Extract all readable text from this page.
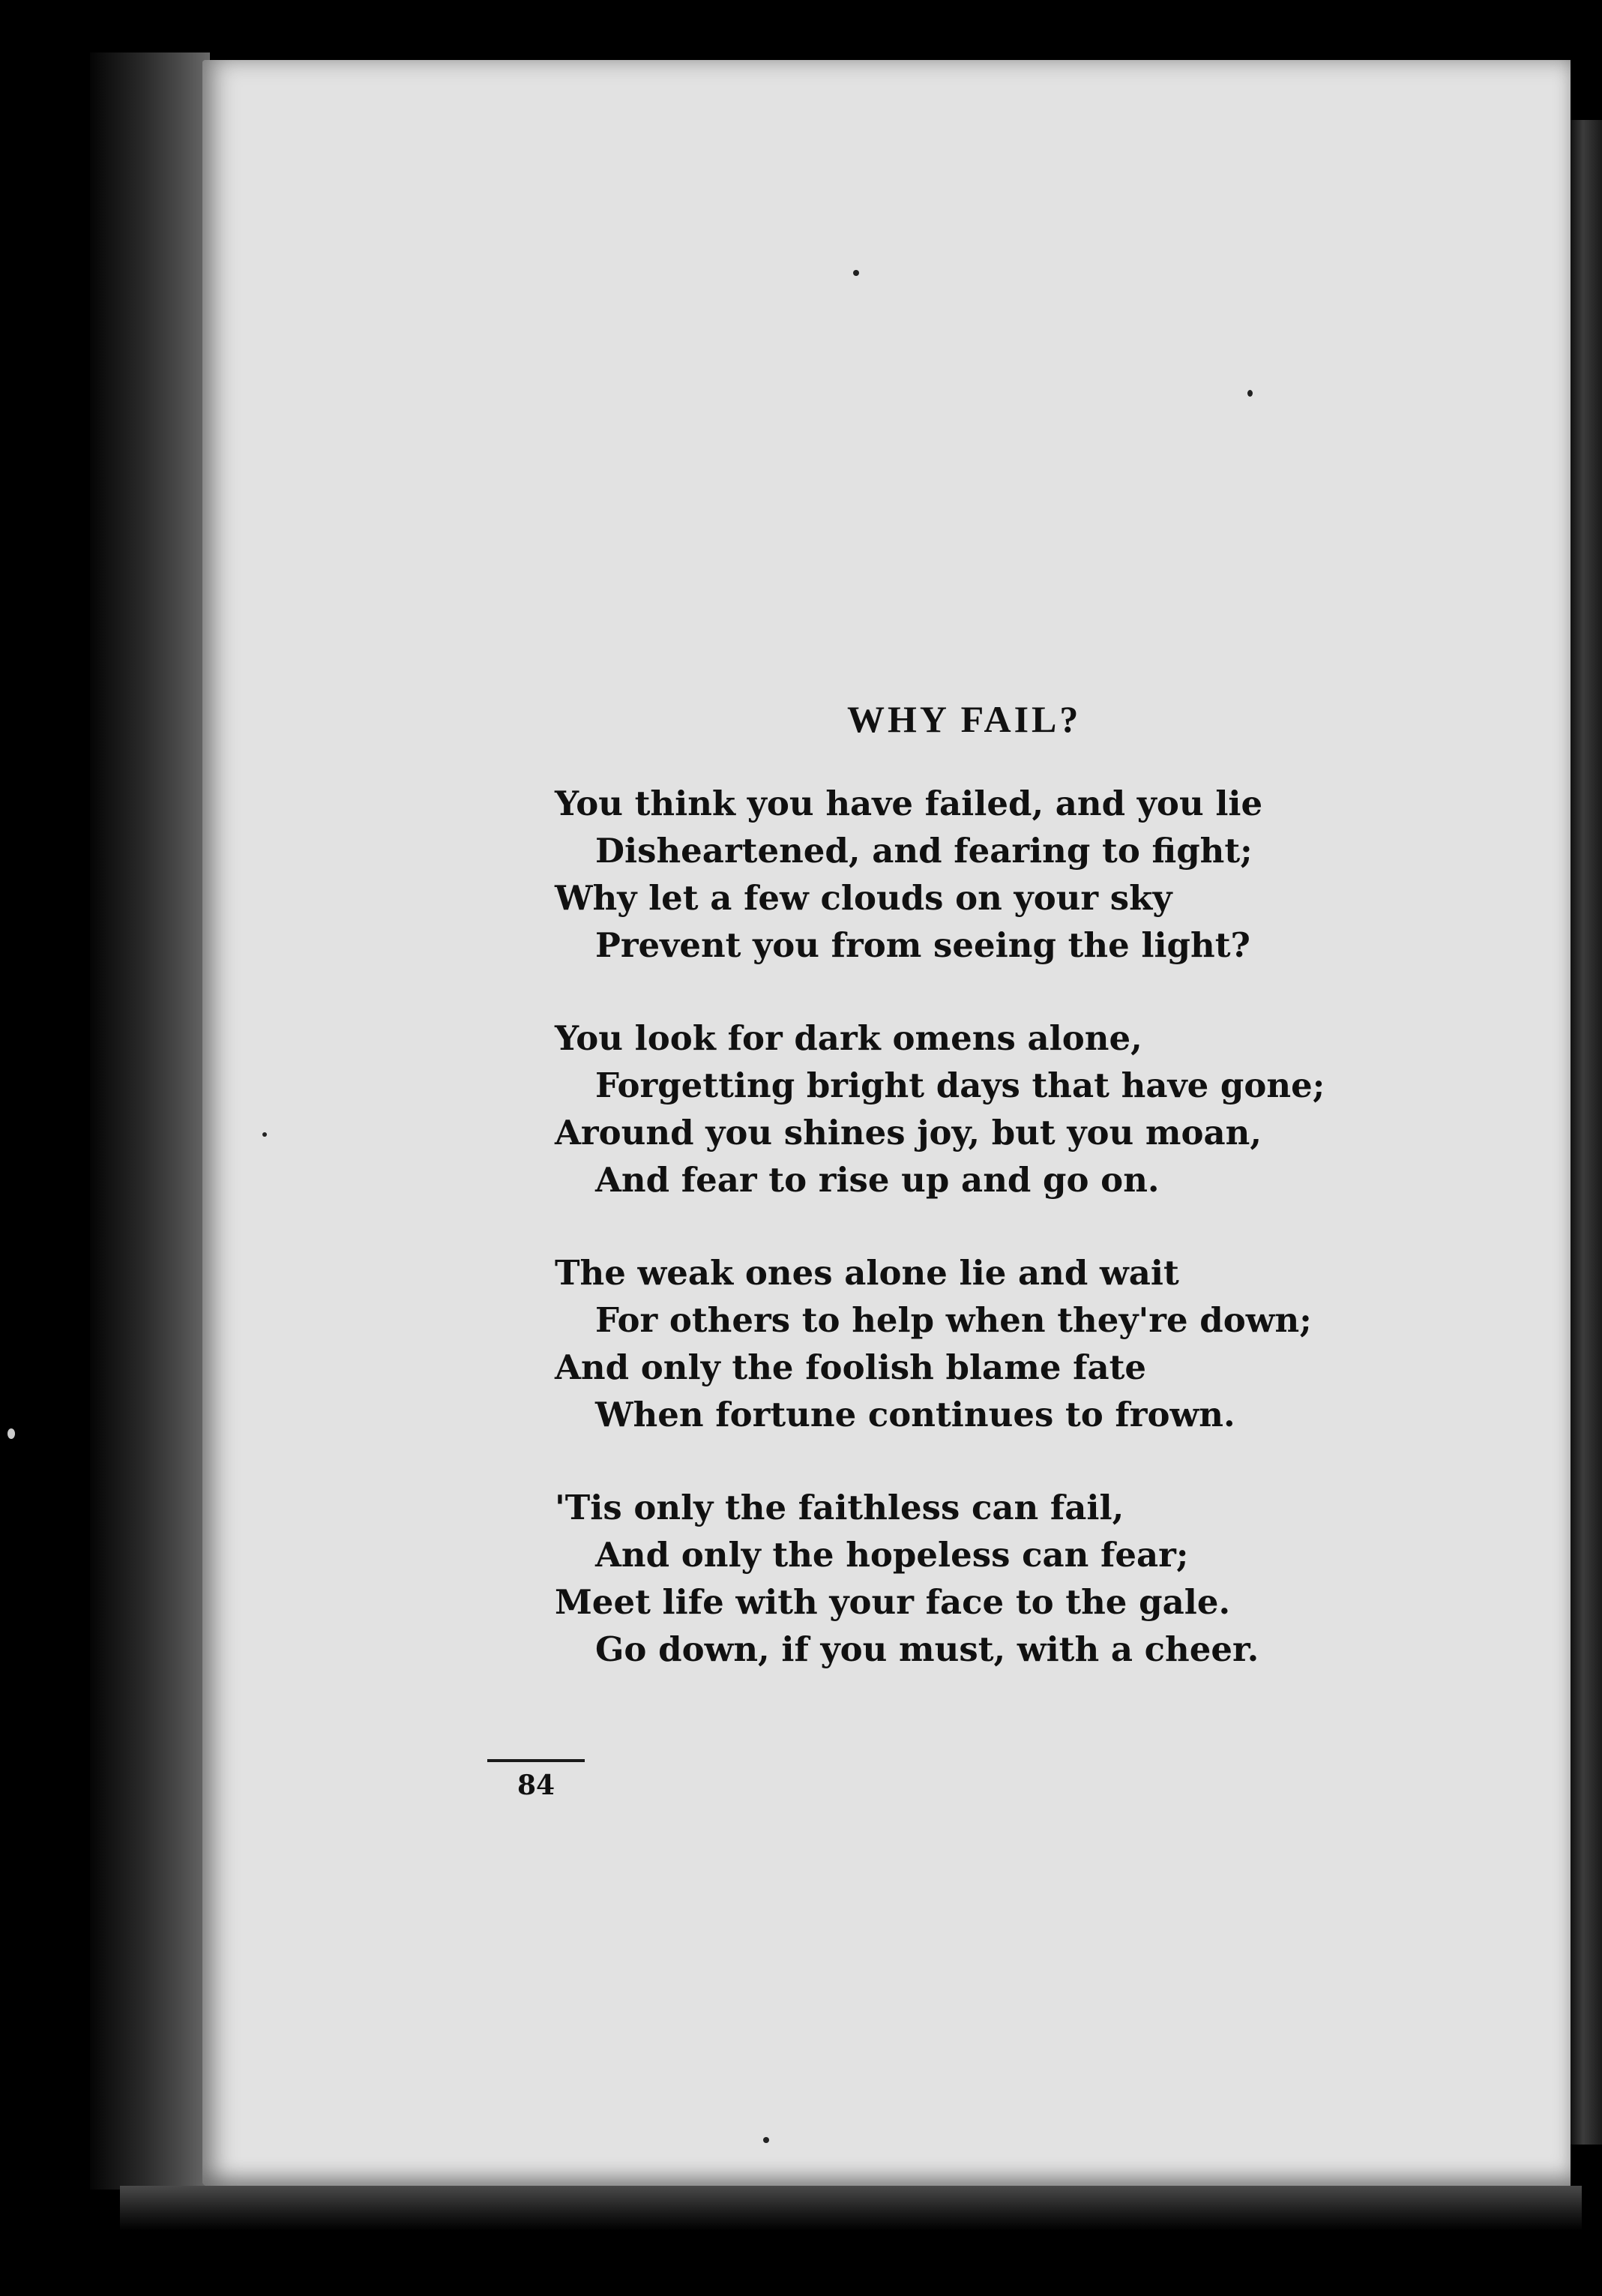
WHY FAIL?
You think you have failed, and you lie
Disheartened, and fearing to fight;
Why let a few clouds on your sky
Prevent you from seeing the light?
You look for dark omens alone,
Forgetting bright days that have gone;
Around you shines joy, but you moan,
And fear to rise up and go on.
The weak ones alone lie and wait
For others to help when they're down;
And only the foolish blame fate
When fortune continues to frown.
'Tis only the faithless can fail,
And only the hopeless can fear;
Meet life with your face to the gale.
Go down, if you must, with a cheer.
84
